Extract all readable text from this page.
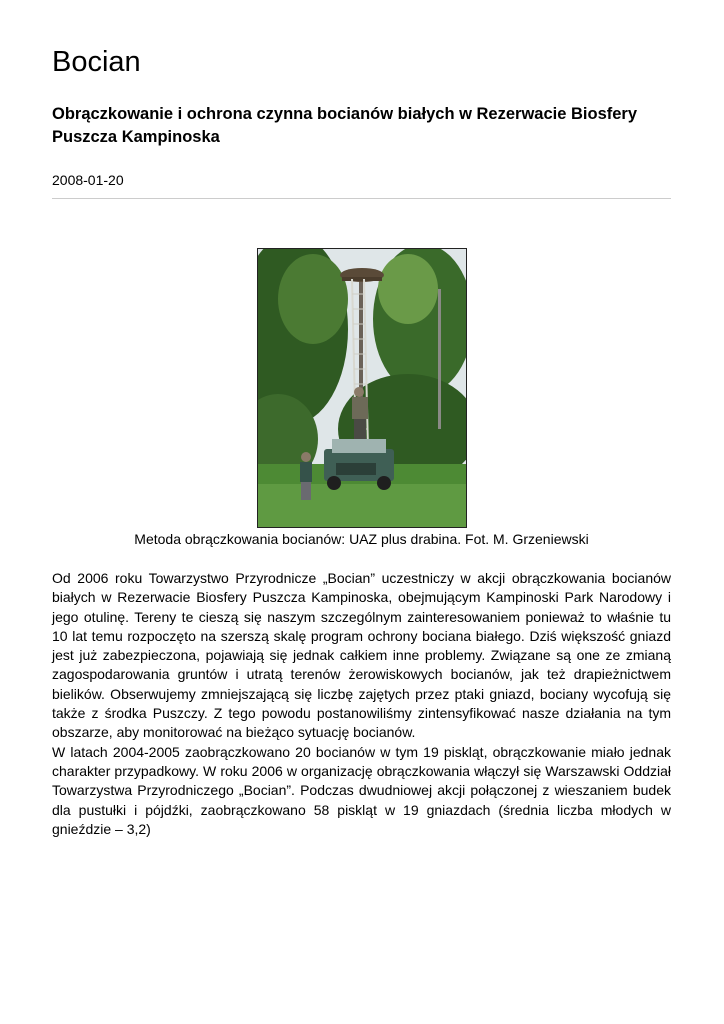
Bocian
Obrączkowanie i ochrona czynna bocianów białych w Rezerwacie Biosfery Puszcza Kampinoska
2008-01-20
Metoda obrączkowania bocianów: UAZ plus drabina. Fot. M. Grzeniewski

Od 2006 roku Towarzystwo Przyrodnicze „Bocian” uczestniczy w akcji obrączkowania bocianów białych w Rezerwacie Biosfery Puszcza Kampinoska, obejmującym Kampinoski Park Narodowy i jego otulinę. Tereny te cieszą się naszym szczególnym zainteresowaniem ponieważ to właśnie tu 10 lat temu rozpoczęto na szerszą skalę program ochrony bociana białego. Dziś większość gniazd jest już zabezpieczona, pojawiają się jednak całkiem inne problemy. Związane są one ze zmianą zagospodarowania gruntów i utratą terenów żerowiskowych bocianów, jak też drapieżnictwem bielików. Obserwujemy zmniejszającą się liczbę zajętych przez ptaki gniazd, bociany wycofują się także z środka Puszczy. Z tego powodu postanowiliśmy zintensyfikować nasze działania na tym obszarze, aby monitorować na bieżąco sytuację bocianów.

W latach 2004-2005 zaobrączkowano 20 bocianów w tym 19 piskląt, obrączkowanie miało jednak charakter przypadkowy. W roku 2006 w organizację obrączkowania włączył się Warszawski Oddział Towarzystwa Przyrodniczego „Bocian”. Podczas dwudniowej akcji połączonej z wieszaniem budek dla pustułki i pójdźki, zaobrączkowano 58 piskląt w 19 gniazdach (średnia liczba młodych w gnieździe – 3,2)
